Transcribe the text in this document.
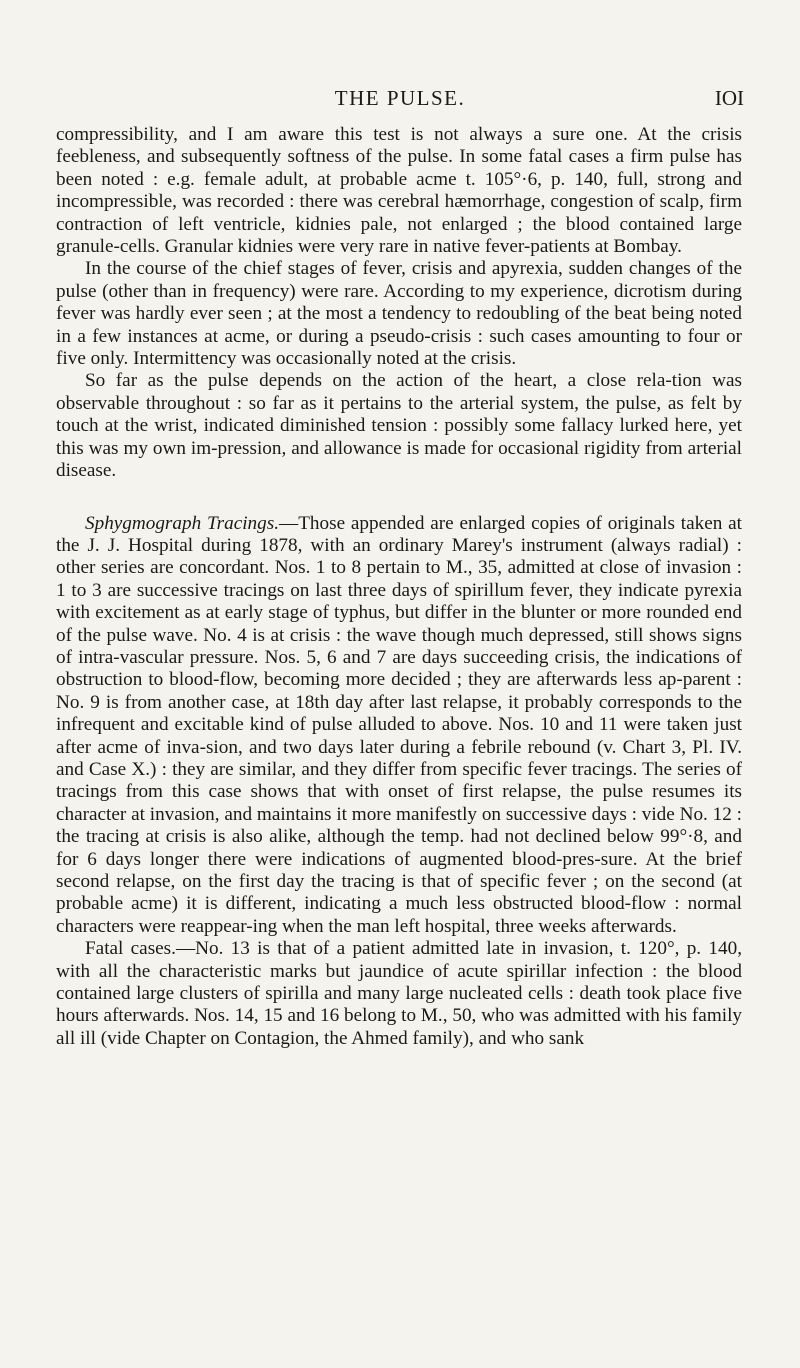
THE PULSE.	IOI

compressibility, and I am aware this test is not always a sure one. At the crisis feebleness, and subsequently softness of the pulse. In some fatal cases a firm pulse has been noted : e.g. female adult, at probable acme t. 105°·6, p. 140, full, strong and incompressible, was recorded : there was cerebral hæmorrhage, congestion of scalp, firm contraction of left ventricle, kidnies pale, not enlarged ; the blood contained large granule-cells. Granular kidnies were very rare in native fever-patients at Bombay.

In the course of the chief stages of fever, crisis and apyrexia, sudden changes of the pulse (other than in frequency) were rare. According to my experience, dicrotism during fever was hardly ever seen ; at the most a tendency to redoubling of the beat being noted in a few instances at acme, or during a pseudo-crisis : such cases amounting to four or five only. Intermittency was occasionally noted at the crisis.

So far as the pulse depends on the action of the heart, a close rela-tion was observable throughout : so far as it pertains to the arterial system, the pulse, as felt by touch at the wrist, indicated diminished tension : possibly some fallacy lurked here, yet this was my own im-pression, and allowance is made for occasional rigidity from arterial disease.

Sphygmograph Tracings.—Those appended are enlarged copies of originals taken at the J. J. Hospital during 1878, with an ordinary Marey's instrument (always radial) : other series are concordant. Nos. 1 to 8 pertain to M., 35, admitted at close of invasion : 1 to 3 are successive tracings on last three days of spirillum fever, they indicate pyrexia with excitement as at early stage of typhus, but differ in the blunter or more rounded end of the pulse wave. No. 4 is at crisis : the wave though much depressed, still shows signs of intra-vascular pressure. Nos. 5, 6 and 7 are days succeeding crisis, the indications of obstruction to blood-flow, becoming more decided ; they are afterwards less ap-parent : No. 9 is from another case, at 18th day after last relapse, it probably corresponds to the infrequent and excitable kind of pulse alluded to above. Nos. 10 and 11 were taken just after acme of inva-sion, and two days later during a febrile rebound (v. Chart 3, Pl. IV. and Case X.) : they are similar, and they differ from specific fever tracings. The series of tracings from this case shows that with onset of first relapse, the pulse resumes its character at invasion, and maintains it more manifestly on successive days : vide No. 12 : the tracing at crisis is also alike, although the temp. had not declined below 99°·8, and for 6 days longer there were indications of augmented blood-pres-sure. At the brief second relapse, on the first day the tracing is that of specific fever ; on the second (at probable acme) it is different, indicating a much less obstructed blood-flow : normal characters were reappear-ing when the man left hospital, three weeks afterwards.

Fatal cases.—No. 13 is that of a patient admitted late in invasion, t. 120°, p. 140, with all the characteristic marks but jaundice of acute spirillar infection : the blood contained large clusters of spirilla and many large nucleated cells : death took place five hours afterwards. Nos. 14, 15 and 16 belong to M., 50, who was admitted with his family all ill (vide Chapter on Contagion, the Ahmed family), and who sank
